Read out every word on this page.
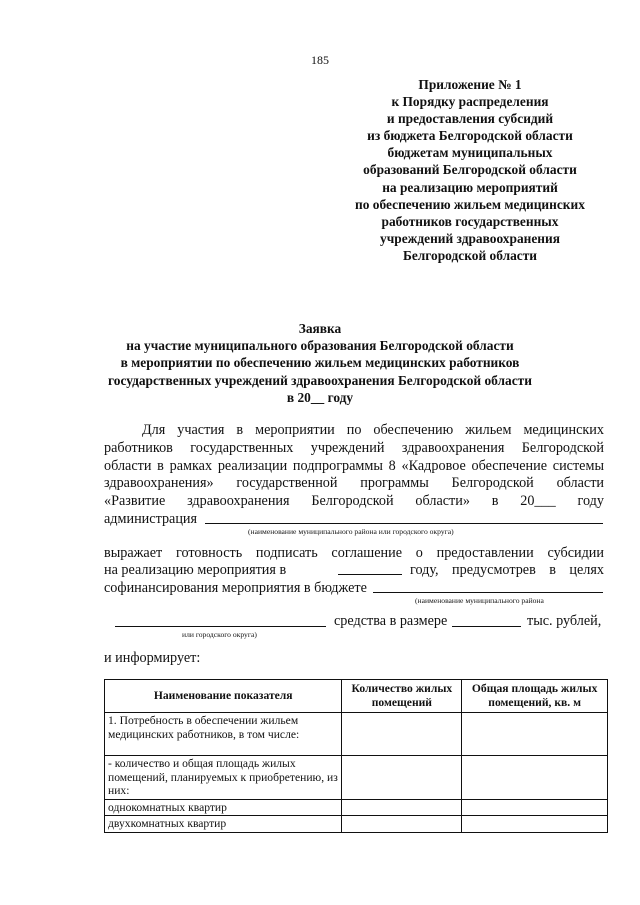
185
Приложение № 1
к Порядку распределения
и предоставления субсидий
из бюджета Белгородской области
бюджетам муниципальных
образований Белгородской области
на реализацию мероприятий
по обеспечению жильем медицинских
работников государственных
учреждений здравоохранения
Белгородской области
Заявка
на участие муниципального образования Белгородской области
в мероприятии по обеспечению жильем медицинских работников
государственных учреждений здравоохранения Белгородской области
в 20__ году
Для участия в мероприятии по обеспечению жильем медицинских
работников государственных учреждений здравоохранения Белгородской
области в рамках реализации подпрограммы 8 «Кадровое обеспечение системы
здравоохранения» государственной программы Белгородской области
«Развитие здравоохранения Белгородской области» в 20___ году
администрация
(наименование муниципального района или городского округа)
выражает готовность подписать соглашение о предоставлении субсидии
на реализацию мероприятия в	году, предусмотрев в целях
софинансирования мероприятия в бюджете
(наименование муниципального района
средства в размере	тыс. рублей,
или городского округа)
и информирует:
Наименование показателя	Количество жилых помещений	Общая площадь жилых помещений, кв. м
1. Потребность в обеспечении жильем медицинских работников, в том числе:		
- количество и общая площадь жилых помещений, планируемых к приобретению, из них:		
однокомнатных квартир		
двухкомнатных квартир		
